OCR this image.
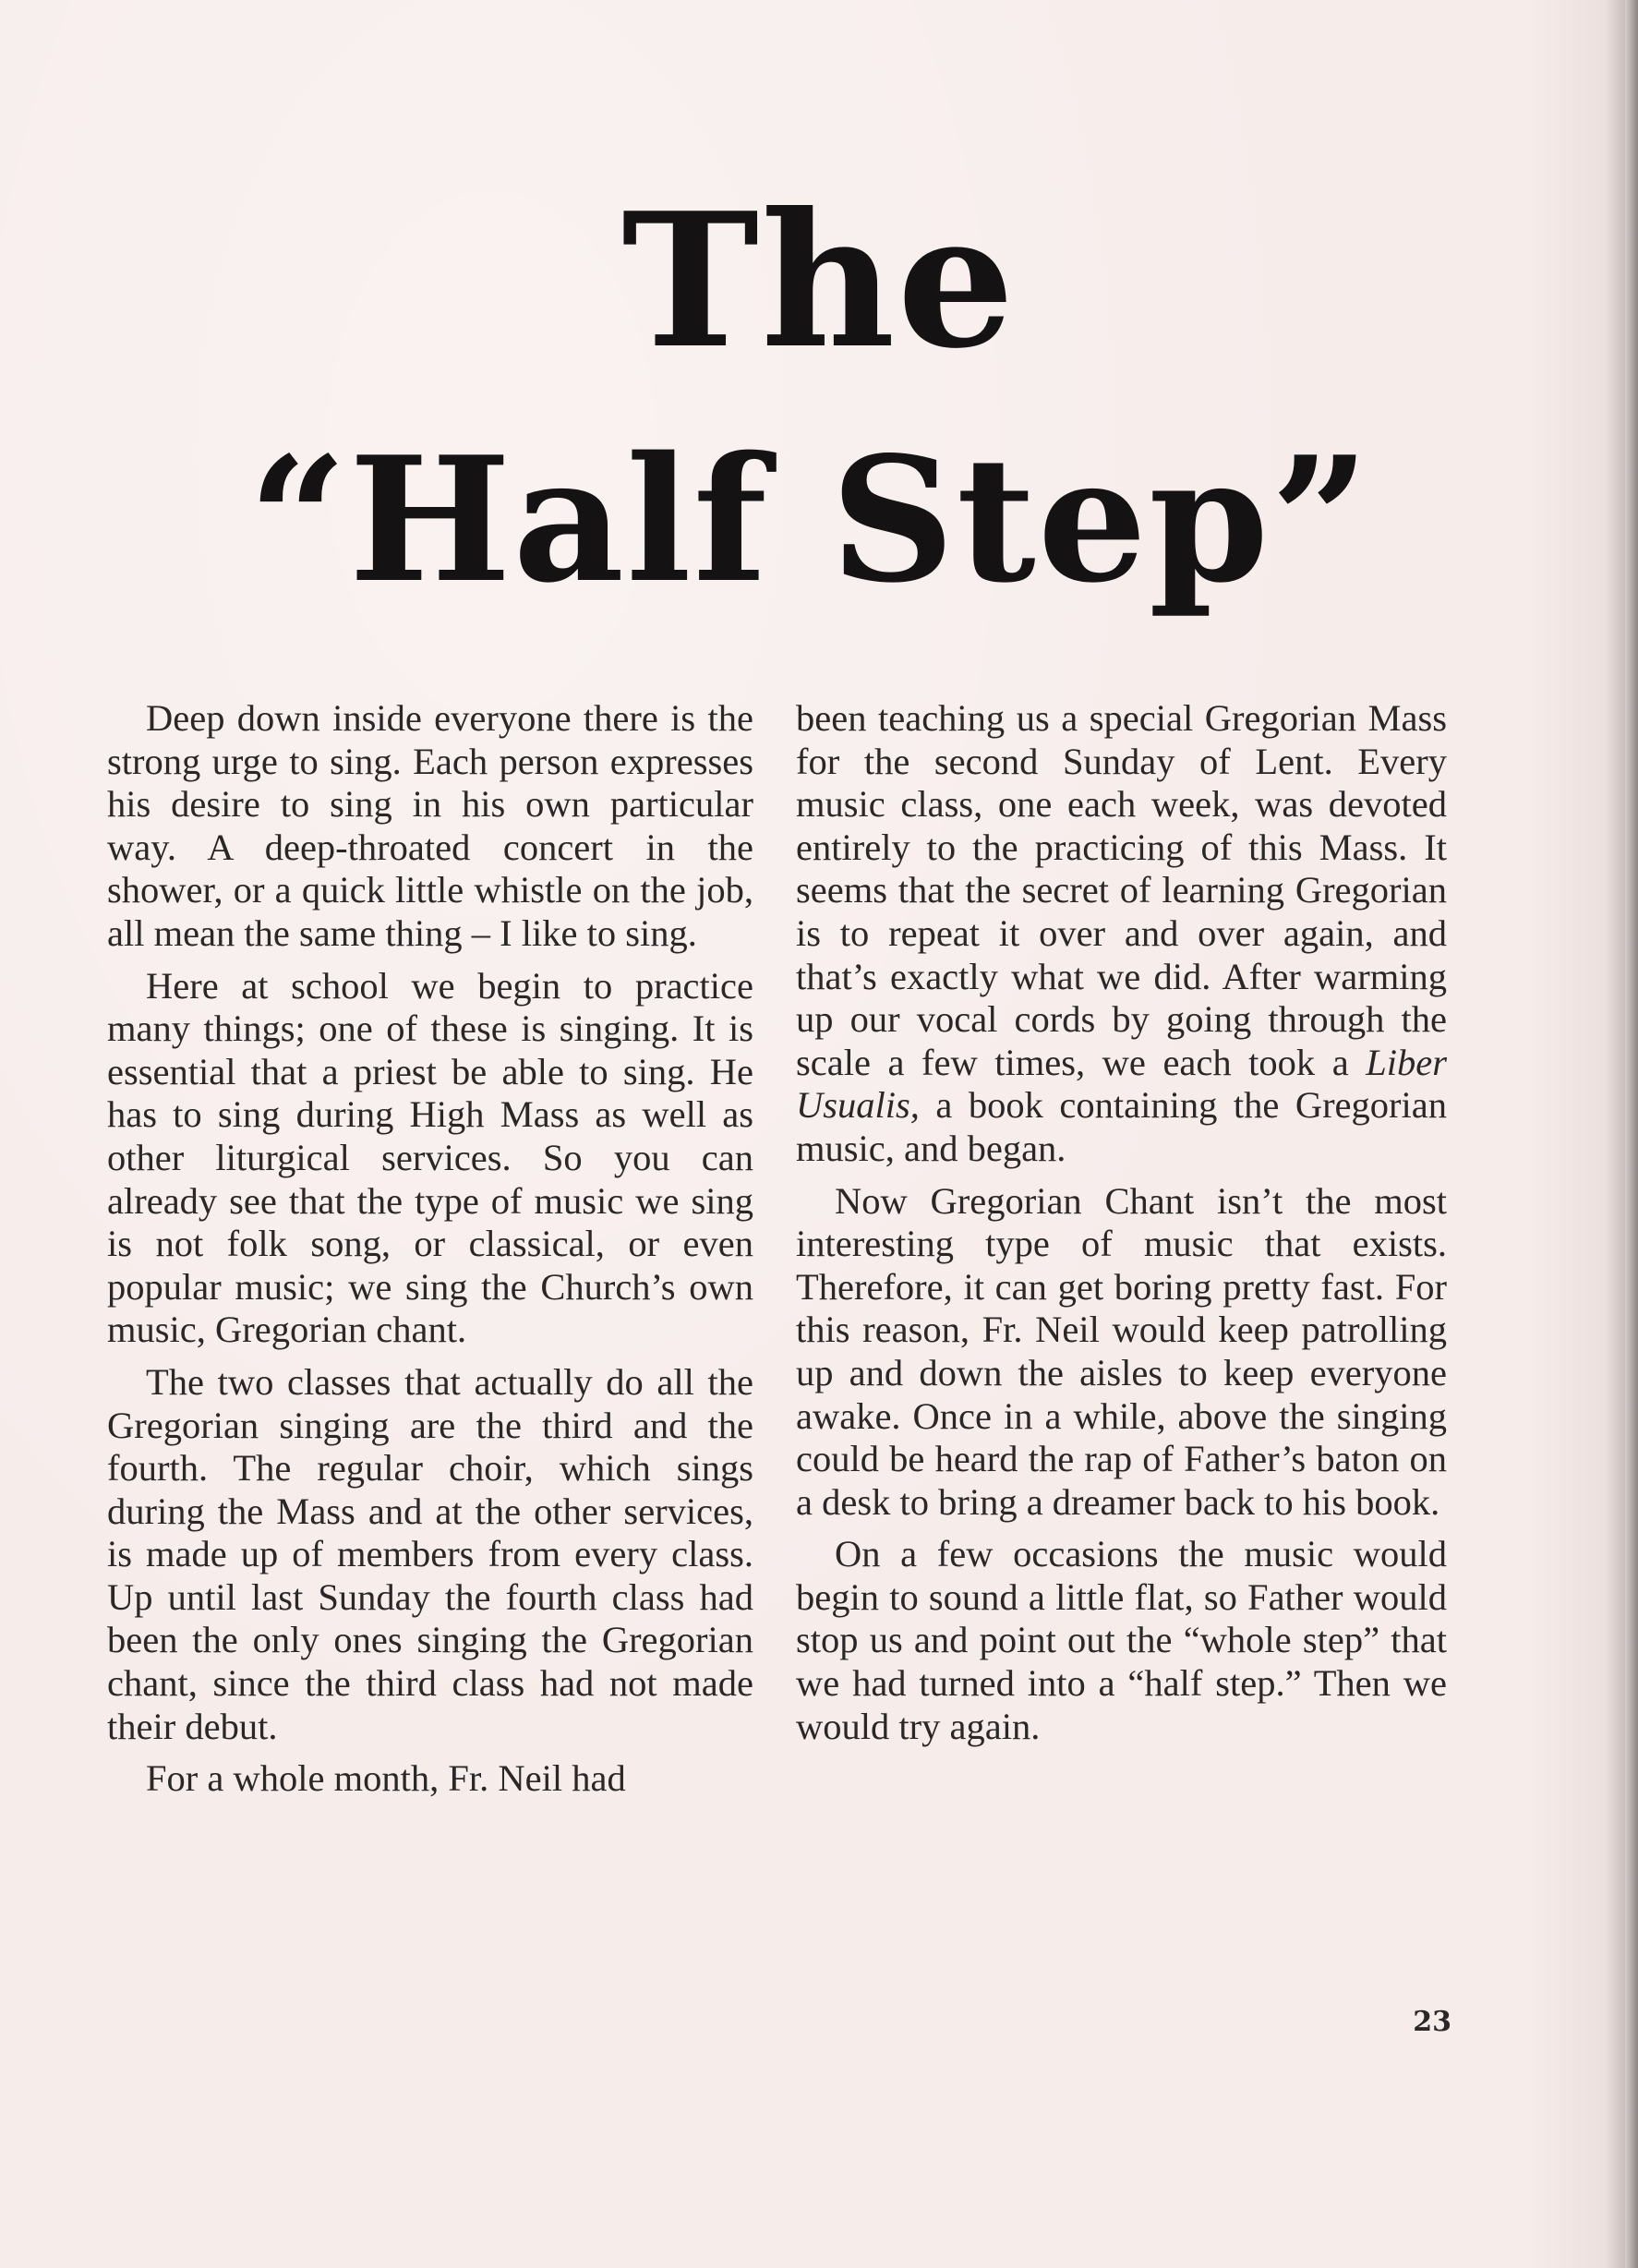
The
“Half Step”

Deep down inside everyone there is the strong urge to sing. Each person expresses his desire to sing in his own particular way. A deep-throated concert in the shower, or a quick little whistle on the job, all mean the same thing – I like to sing.

Here at school we begin to practice many things; one of these is singing. It is essential that a priest be able to sing. He has to sing during High Mass as well as other liturgical services. So you can already see that the type of music we sing is not folk song, or classical, or even popular music; we sing the Church’s own music, Gregorian chant.

The two classes that actually do all the Gregorian singing are the third and the fourth. The regular choir, which sings during the Mass and at the other services, is made up of members from every class. Up until last Sunday the fourth class had been the only ones singing the Gregorian chant, since the third class had not made their debut.

For a whole month, Fr. Neil had

been teaching us a special Gregorian Mass for the second Sunday of Lent. Every music class, one each week, was devoted entirely to the practicing of this Mass. It seems that the secret of learning Gregorian is to repeat it over and over again, and that’s exactly what we did. After warming up our vocal cords by going through the scale a few times, we each took a Liber Usualis, a book containing the Gregorian music, and began.

Now Gregorian Chant isn’t the most interesting type of music that exists. Therefore, it can get boring pretty fast. For this reason, Fr. Neil would keep patrolling up and down the aisles to keep everyone awake. Once in a while, above the singing could be heard the rap of Father’s baton on a desk to bring a dreamer back to his book.

On a few occasions the music would begin to sound a little flat, so Father would stop us and point out the “whole step” that we had turned into a “half step.” Then we would try again.

23
